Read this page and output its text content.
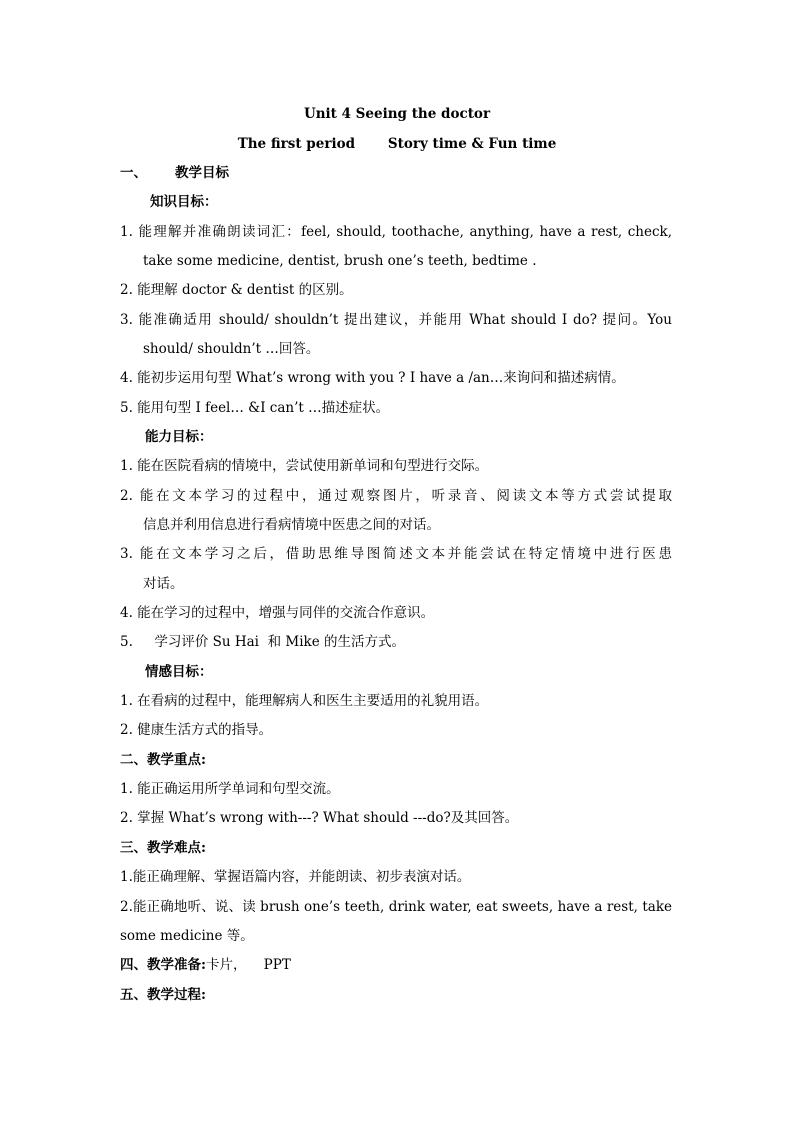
Unit 4 Seeing the doctor
The first period       Story time & Fun time
一、 教学目标
知识目标：
1. 能理解并准确朗读词汇：feel, should, toothache, anything, have a rest, check,
take some medicine, dentist, brush one’s teeth, bedtime .
2. 能理解 doctor & dentist 的区别。
3. 能准确适用 should/ shouldn’t 提出建议，并能用 What should I do? 提问。You
should/ shouldn’t …回答。
4. 能初步运用句型 What’s wrong with you ? I have a /an…来询问和描述病情。
5. 能用句型 I feel… &I can’t …描述症状。
能力目标：
1. 能在医院看病的情境中，尝试使用新单词和句型进行交际。
2. 能在文本学习的过程中，通过观察图片，听录音、阅读文本等方式尝试提取
信息并利用信息进行看病情境中医患之间的对话。
3. 能在文本学习之后，借助思维导图简述文本并能尝试在特定情境中进行医患
对话。
4. 能在学习的过程中，增强与同伴的交流合作意识。
5.     学习评价 Su Hai  和 Mike 的生活方式。
情感目标：
1. 在看病的过程中，能理解病人和医生主要适用的礼貌用语。
2. 健康生活方式的指导。
二、教学重点:
1. 能正确运用所学单词和句型交流。
2. 掌握 What’s wrong with---? What should ---do?及其回答。
三、教学难点:
1.能正确理解、掌握语篇内容，并能朗读、初步表演对话。
2.能正确地听、说、读 brush one’s teeth, drink water, eat sweets, have a rest, take
some medicine 等。
四、教学准备:卡片，    PPT
五、教学过程:
